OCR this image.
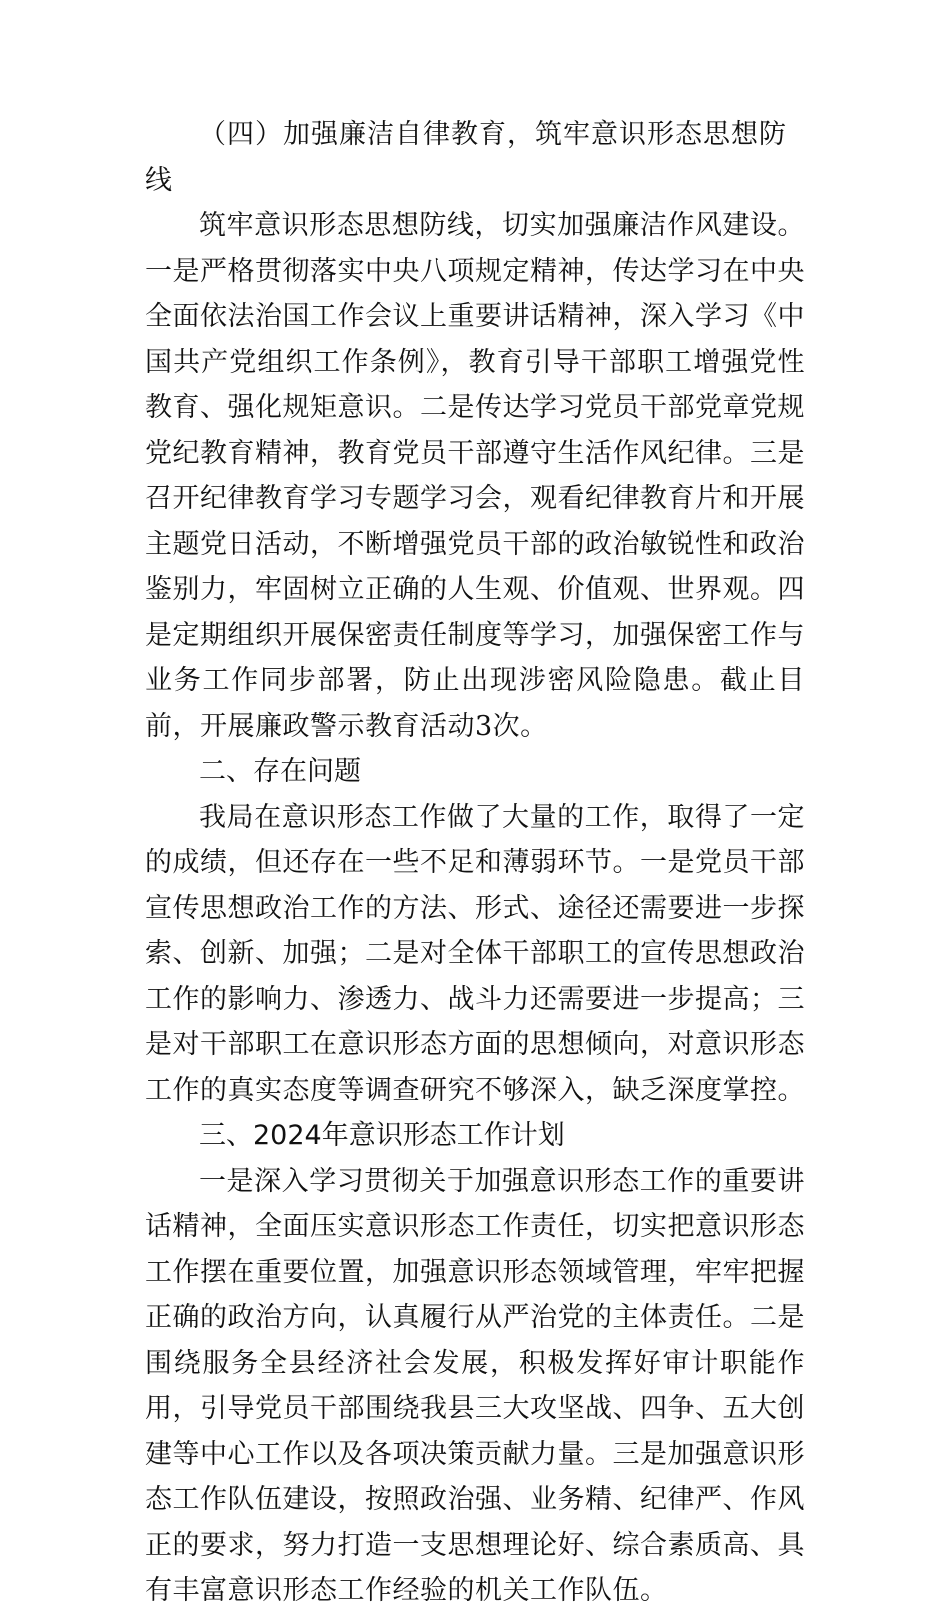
（四）加强廉洁自律教育，筑牢意识形态思想防线

筑牢意识形态思想防线，切实加强廉洁作风建设。一是严格贯彻落实中央八项规定精神，传达学习在中央全面依法治国工作会议上重要讲话精神，深入学习《中国共产党组织工作条例》，教育引导干部职工增强党性教育、强化规矩意识。二是传达学习党员干部党章党规党纪教育精神，教育党员干部遵守生活作风纪律。三是召开纪律教育学习专题学习会，观看纪律教育片和开展主题党日活动，不断增强党员干部的政治敏锐性和政治鉴别力，牢固树立正确的人生观、价值观、世界观。四是定期组织开展保密责任制度等学习，加强保密工作与业务工作同步部署，防止出现涉密风险隐患。截止目前，开展廉政警示教育活动3次。

二、存在问题

我局在意识形态工作做了大量的工作，取得了一定的成绩，但还存在一些不足和薄弱环节。一是党员干部宣传思想政治工作的方法、形式、途径还需要进一步探索、创新、加强；二是对全体干部职工的宣传思想政治工作的影响力、渗透力、战斗力还需要进一步提高；三是对干部职工在意识形态方面的思想倾向，对意识形态工作的真实态度等调查研究不够深入，缺乏深度掌控。

三、2024年意识形态工作计划

一是深入学习贯彻关于加强意识形态工作的重要讲话精神，全面压实意识形态工作责任，切实把意识形态工作摆在重要位置，加强意识形态领域管理，牢牢把握正确的政治方向，认真履行从严治党的主体责任。二是围绕服务全县经济社会发展，积极发挥好审计职能作用，引导党员干部围绕我县三大攻坚战、四争、五大创建等中心工作以及各项决策贡献力量。三是加强意识形态工作队伍建设，按照政治强、业务精、纪律严、作风正的要求，努力打造一支思想理论好、综合素质高、具有丰富意识形态工作经验的机关工作队伍。
